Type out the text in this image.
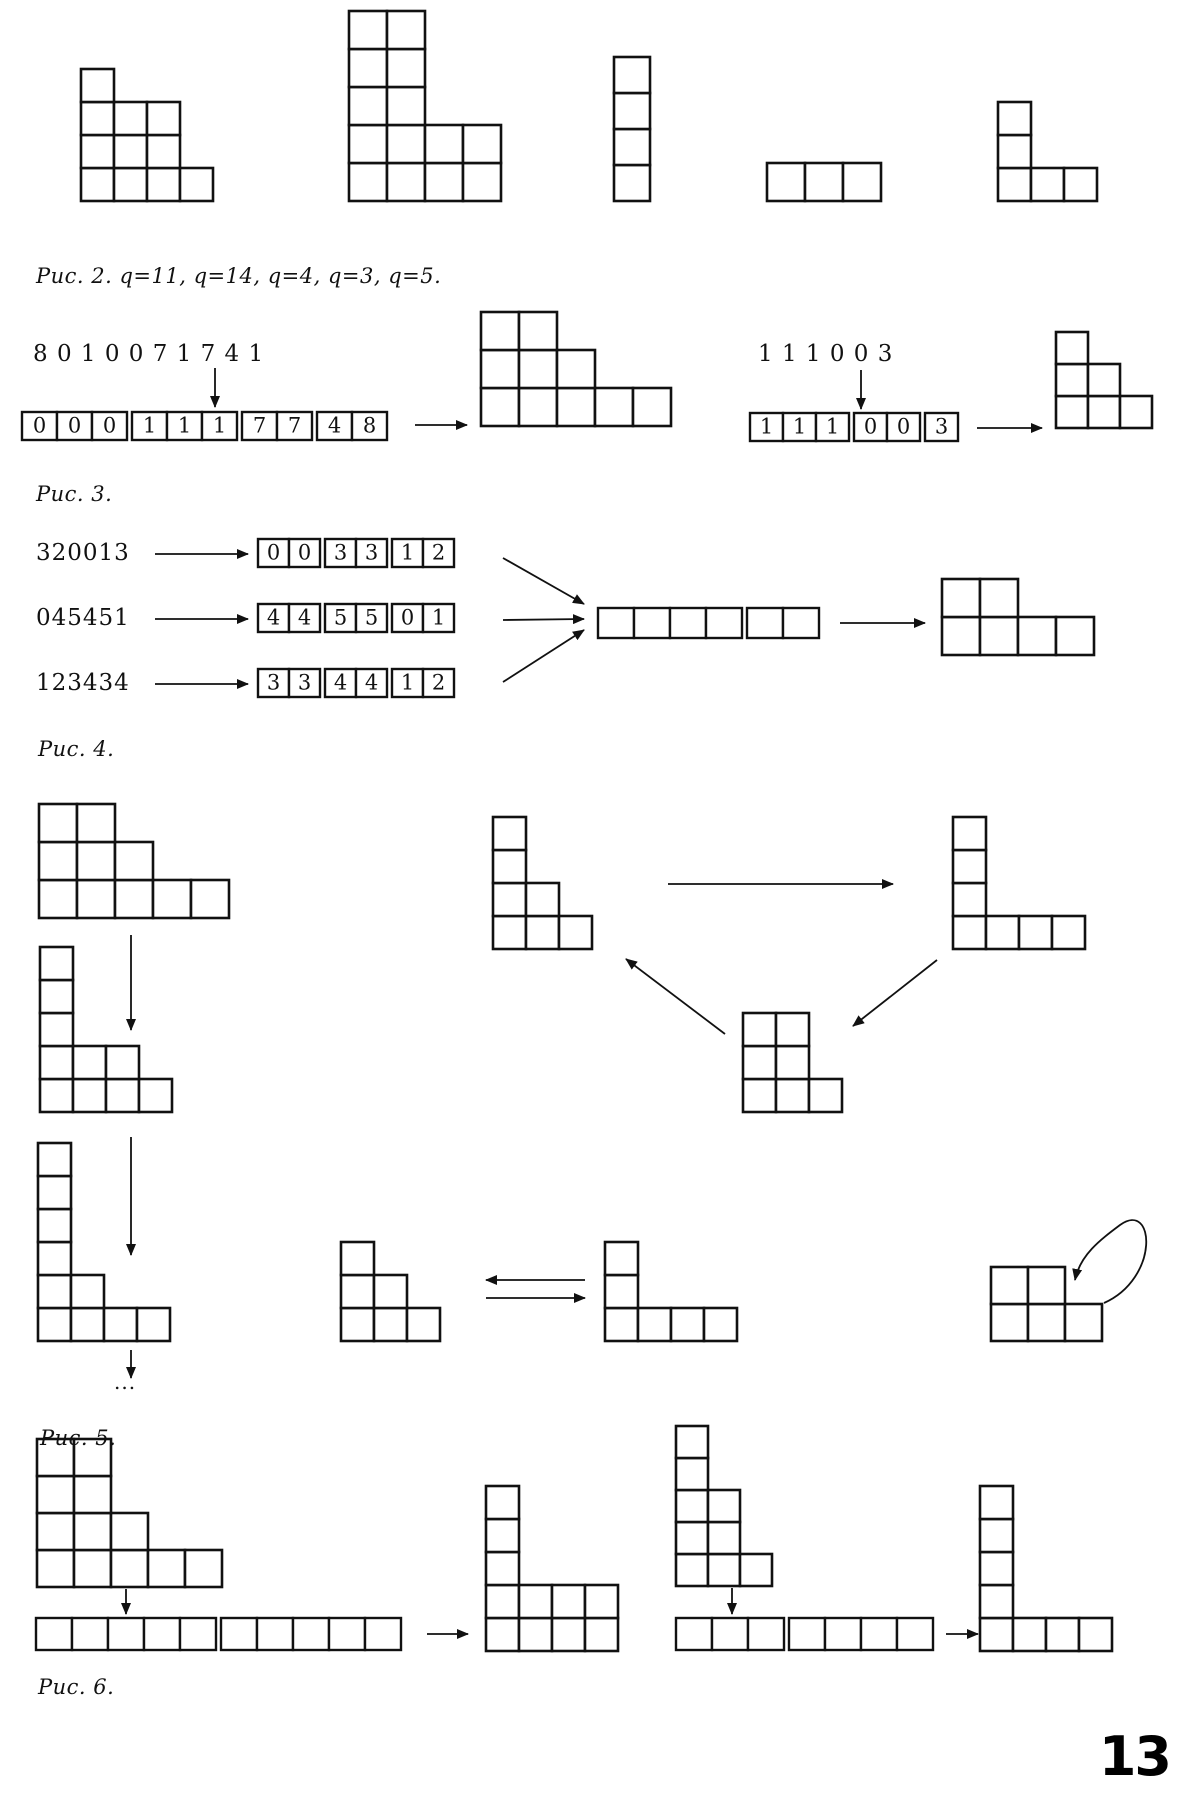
0 0 0 1 1 1 7 7 4 8	1 1 1 0 0 3
0 0 3 3 1 2
4 4 5 5 0 1
3 3 4 4 1 2
Рис. 2. q=11, q=14, q=4, q=3, q=5.
8 0 1 0 0 7 1 7 4 1	1 1 1 0 0 3
Рис. 3.
320013
045451
123434
Рис. 4.
...
Рис. 5.
Рис. 6.
13
